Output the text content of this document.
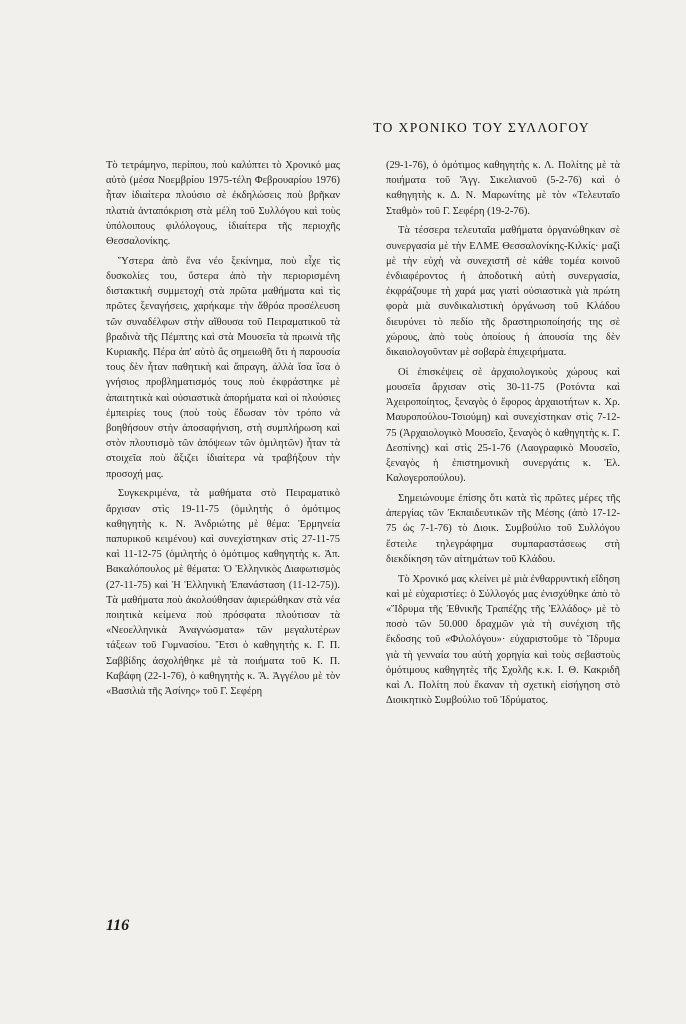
ΤΟ ΧΡΟΝΙΚΟ ΤΟΥ ΣΥΛΛΟΓΟΥ

Τὸ τετράμηνο, περίπου, ποὺ καλύπτει τὸ Χρονικό μας αὐτὸ (μέσα Νοεμβρίου 1975-τέλη Φεβρουαρίου 1976) ἦταν ἰδιαίτερα πλούσιο σὲ ἐκδηλώσεις ποὺ βρῆκαν πλατιὰ ἀνταπόκριση στὰ μέλη τοῦ Συλλόγου καὶ τοὺς ὑπόλοιπους φιλόλογους, ἰδιαίτερα τῆς περιοχῆς Θεσσαλονίκης.

Ὕστερα ἀπὸ ἕνα νέο ξεκίνημα, ποὺ εἶχε τὶς δυσκολίες του, ὕστερα ἀπὸ τὴν περιορισμένη διστακτικὴ συμμετοχὴ στὰ πρῶτα μαθήματα καὶ τὶς πρῶτες ξεναγήσεις, χαρήκαμε τὴν ἄθρόα προσέλευση τῶν συναδέλφων στὴν αἴθουσα τοῦ Πειραματικοῦ τὰ βραδινὰ τῆς Πέμπτης καὶ στὰ Μουσεῖα τὰ πρωινὰ τῆς Κυριακῆς. Πέρα ἀπ' αὐτὸ ἂς σημειωθῆ ὅτι ἡ παρουσία τους δὲν ἦταν παθητικὴ καὶ ἄπραγη, ἀλλὰ ἴσα ἴσα ὁ γνήσιος προβληματισμός τους ποὺ ἐκφράστηκε μὲ ἀπαιτητικὰ καὶ οὐσιαστικὰ ἀπορήματα καὶ οἱ πλούσιες ἐμπειρίες τους (ποὺ τοὺς ἔδωσαν τὸν τρόπο νὰ βοηθήσουν στὴν ἀποσαφήνιση, στὴ συμπλήρωση καὶ στὸν πλουτισμὸ τῶν ἀπόψεων τῶν ὁμιλητῶν) ἦταν τὰ στοιχεῖα ποὺ ἄξιζει ἰδιαίτερα νὰ τραβήξουν τὴν προσοχή μας.

Συγκεκριμένα, τὰ μαθήματα στὸ Πειραματικὸ ἄρχισαν στὶς 19-11-75 (ὁμιλητὴς ὁ ὁμότιμος καθηγητὴς κ. Ν. Ἀνδριώτης μὲ θέμα: Ἑρμηνεία παπυρικοῦ κειμένου) καὶ συνεχίστηκαν στὶς 27-11-75 καὶ 11-12-75 (ὁμιλητὴς ὁ ὁμότιμος καθηγητὴς κ. Ἀπ. Βακαλόπουλος μὲ θέματα: Ὁ Ἑλληνικὸς Διαφωτισμὸς (27-11-75) καὶ Ἡ Ἑλληνικὴ Ἐπανάσταση (11-12-75)). Τὰ μαθήματα ποὺ ἀκολούθησαν ἀφιερώθηκαν στὰ νέα ποιητικὰ κείμενα ποὺ πρόσφατα πλούτισαν τὰ «Νεοελληνικὰ Ἀναγνώσματα» τῶν μεγαλυτέρων τάξεων τοῦ Γυμνασίου. Ἔτσι ὁ καθηγητὴς κ. Γ. Π. Σαββίδης ἀσχολήθηκε μὲ τὰ ποιήματα τοῦ Κ. Π. Καβάφη (22-1-76), ὁ καθηγητὴς κ. Ἄ. Ἀγγέλου μὲ τὸν «Βασιλιὰ τῆς Ἀσίνης» τοῦ Γ. Σεφέρη

(29-1-76), ὁ ὁμότιμος καθηγητὴς κ. Λ. Πολίτης μὲ τὰ ποιήματα τοῦ Ἄγγ. Σικελιανοῦ (5-2-76) καὶ ὁ καθηγητὴς κ. Δ. Ν. Μαρωνίτης μὲ τὸν «Τελευταῖο Σταθμὸ» τοῦ Γ. Σεφέρη (19-2-76).

Τὰ τέσσερα τελευταῖα μαθήματα ὀργανώθηκαν σὲ συνεργασία μὲ τὴν ΕΛΜΕ Θεσσαλονίκης-Κιλκίς· μαζὶ μὲ τὴν εὐχὴ νὰ συνεχιστῆ σὲ κάθε τομέα κοινοῦ ἐνδιαφέροντος ἡ ἀποδοτικὴ αὐτὴ συνεργασία, ἐκφράζουμε τὴ χαρά μας γιατὶ οὐσιαστικὰ γιὰ πρώτη φορὰ μιὰ συνδικαλιστικὴ ὀργάνωση τοῦ Κλάδου διευρύνει τὸ πεδίο τῆς δραστηριοποίησής της σὲ χώρους, ἀπὸ τοὺς ὁποίους ἡ ἀπουσία της δὲν δικαιολογοῦνταν μὲ σοβαρὰ ἐπιχειρήματα.

Οἱ ἐπισκέψεις σὲ ἀρχαιολογικοὺς χώρους καὶ μουσεῖα ἄρχισαν στὶς 30-11-75 (Ροτόντα καὶ Ἀχειροποίητος, ξεναγὸς ὁ ἔφορος ἀρχαιοτήτων κ. Χρ. Μαυροπούλου-Τσιούμη) καὶ συνεχίστηκαν στὶς 7-12-75 (Ἀρχαιολογικὸ Μουσεῖο, ξεναγὸς ὁ καθηγητὴς κ. Γ. Δεσπίνης) καὶ στὶς 25-1-76 (Λαογραφικὸ Μουσεῖο, ξεναγὸς ἡ ἐπιστημονικὴ συνεργάτις κ. Ἑλ. Καλογεροπούλου).

Σημειώνουμε ἐπίσης ὅτι κατὰ τὶς πρῶτες μέρες τῆς ἀπεργίας τῶν Ἐκπαιδευτικῶν τῆς Μέσης (ἀπὸ 17-12-75 ὡς 7-1-76) τὸ Διοικ. Συμβούλιο τοῦ Συλλόγου ἔστειλε τηλεγράφημα συμπαραστάσεως στὴ διεκδίκηση τῶν αἰτημάτων τοῦ Κλάδου.

Τὸ Χρονικό μας κλείνει μὲ μιὰ ἐνθαρρυντικὴ εἴδηση καὶ μὲ εὐχαριστίες: ὁ Σύλλογός μας ἐνισχύθηκε ἀπὸ τὸ «Ἵδρυμα τῆς Ἐθνικῆς Τραπέζης τῆς Ἑλλάδος» μὲ τὸ ποσὸ τῶν 50.000 δραχμῶν γιὰ τὴ συνέχιση τῆς ἔκδοσης τοῦ «Φιλολόγου»· εὐχαριστοῦμε τὸ Ἵδρυμα γιὰ τὴ γενναία του αὐτὴ χορηγία καὶ τοὺς σεβαστοὺς ὁμότιμους καθηγητὲς τῆς Σχολῆς κ.κ. Ι. Θ. Κακριδῆ καὶ Λ. Πολίτη ποὺ ἔκαναν τὴ σχετικὴ εἰσήγηση στὸ Διοικητικὸ Συμβούλιο τοῦ Ἱδρύματος.

116
